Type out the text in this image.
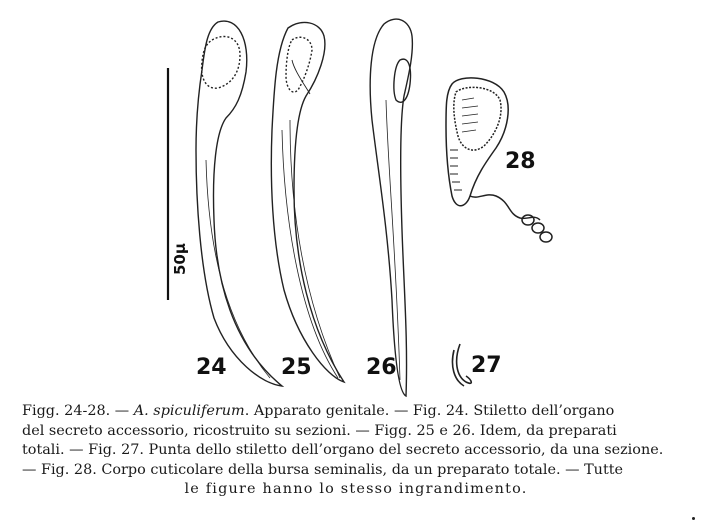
50μ
24 25 26	27
28
Figg. 24-28. — A. spiculiferum. Apparato genitale. — Fig. 24. Stiletto dell’organo
del secreto accessorio, ricostruito su sezioni. — Figg. 25 e 26. Idem, da preparati
totali. — Fig. 27. Punta dello stiletto dell’organo del secreto accessorio, da una sezione.
— Fig. 28. Corpo cuticolare della bursa seminalis, da un preparato totale. — Tutte
le figure hanno lo stesso ingrandimento.
